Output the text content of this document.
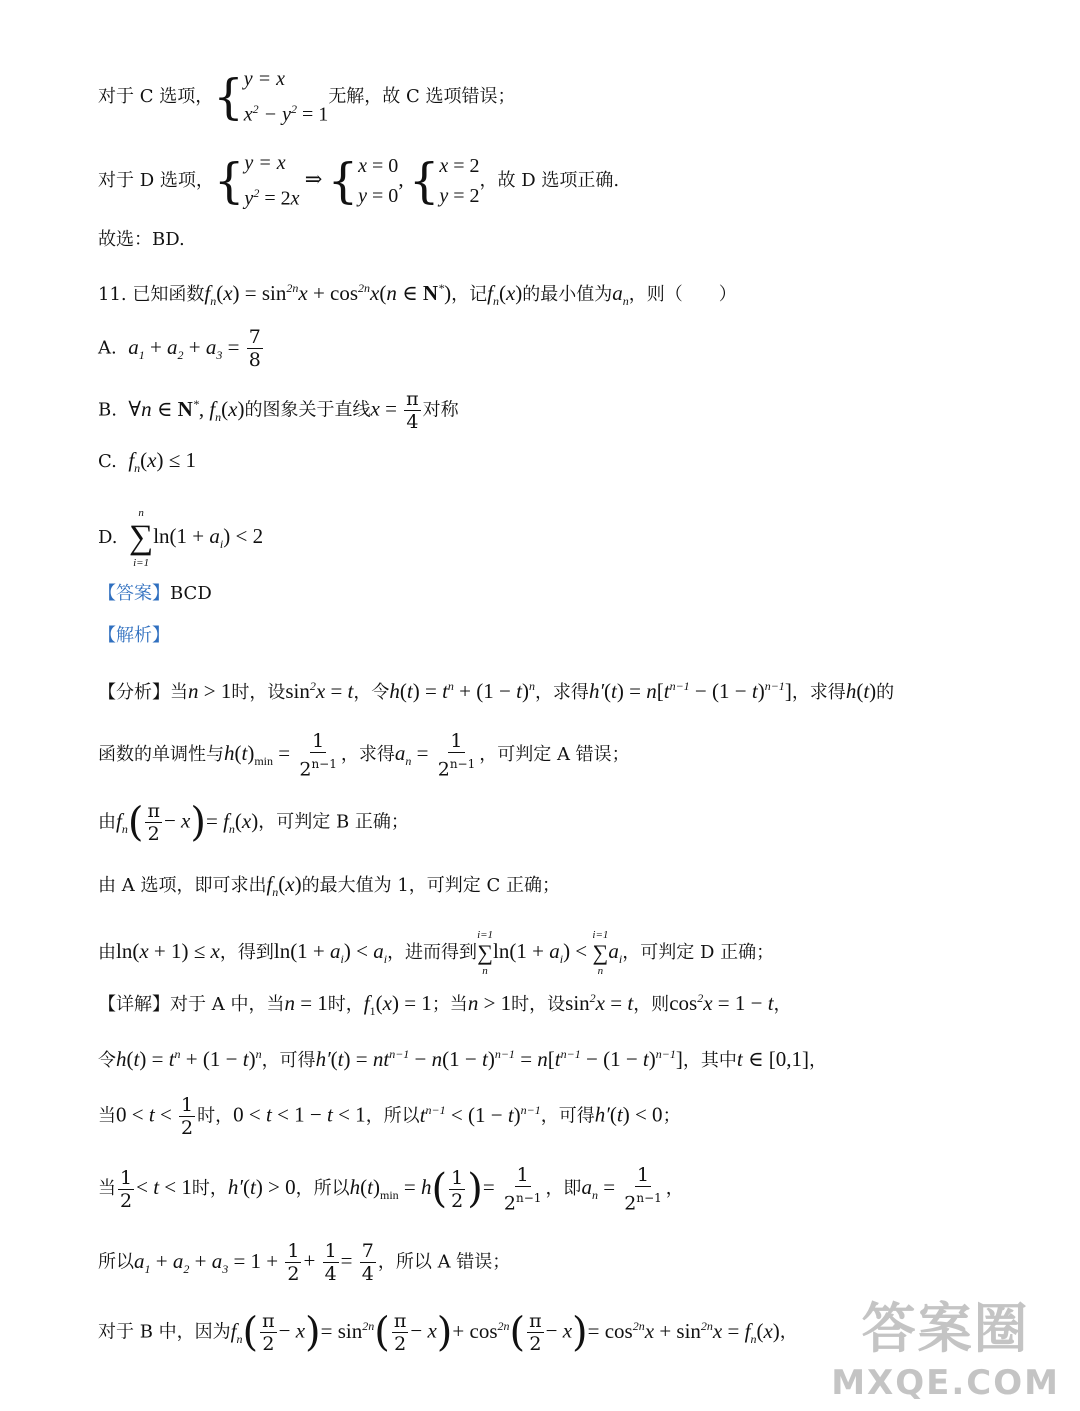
对于 C 选项，{ y = x
$x^2 - y^2 = 1$
无解，故 C 选项错误；
对于 D 选项，{ y = x
$y^2 = 2x$
⇒ { x = 0
y = 0
, { x = 2
y = 2
，故 D 选项正确.
故选：BD.
11. 已知函数$f_n(x) = \sin^{2n}x + \cos^{2n}x(n$ ∈ N*)，记$f_n(x)$的最小值为$a_n$，则（　　）
A. $a_1 + a_2 + a_3 = \frac{7}{8}$
B. ∀n ∈ N*, $f_n(x)$的图象关于直线$x = \frac{\pi}{4}$ 对称
C. $f_n(x) \le 1$
D.
n
∑
i=1
$\ln(1 + a_i) < 2$
【答案】BCD
【解析】
【分析】当n > 1时，设$\sin^2x = t$，令$h(t) = t^n + (1 - t)^n$，求得$h'(t) = n[t^{n-1} - (1 - t)^{n-1}]$，求得h(t)的
函数的单调性与$h(t)_{min} = \frac{1}{2^{n-1}}$ ，求得$a_n = \frac{1}{2^{n-1}}$ ，可判定 A 错误；
由$f_n( \frac{\pi}{2} - x)= f_n(x)$，可判定 B 正确；
由 A 选项，即可求出$f_n(x)$的最大值为 1，可判定 C 正确；
由ln(x + 1) ≤ x，得到$\ln(1 + a_i) < a_i$，进而得到
i=1
∑
n
$\ln(1 + a_i)$ <
i=1
∑
n
$a_i$，可判定 D 正确；
【详解】对于 A 中，当n = 1时，$f_1(x) = 1$；当n > 1时，设$\sin^2x = t$，则$\cos^2x = 1 - t$，
令$h(t) = t^n + (1 - t)^n$，可得$h'(t) = nt^{n-1} - n(1 - t)^{n-1} = n[t^{n-1} - (1 - t)^{n-1}]$，其中t ∈ [0,1]，
当$0 < t < \frac{1}{2}$ 时，0 < t < 1 − t < 1，所以$t^{n-1} < (1 - t)^{n-1}$，可得h′(t) < 0；
当 $\frac{1}{2} < t < 1$时，h′(t) > 0，所以$h(t)_{min} = h( \frac{1}{2}$ )= $\frac{1}{2^{n-1}}$ ，即$a_n = \frac{1}{2^{n-1}}$ ，
所以$a_1 + a_2 + a_3 = 1 + \frac{1}{2} + \frac{1}{4} = \frac{7}{4}$ ，所以 A 错误；
对于 B 中，因为$f_n( \frac{\pi}{2} - x)= \sin^{2n}( \frac{\pi}{2} - x)+ \cos^{2n}( \frac{\pi}{2} - x)= \cos^{2n}x + \sin^{2n}x = f_n(x)$，	答案圈
MXQE.COM
